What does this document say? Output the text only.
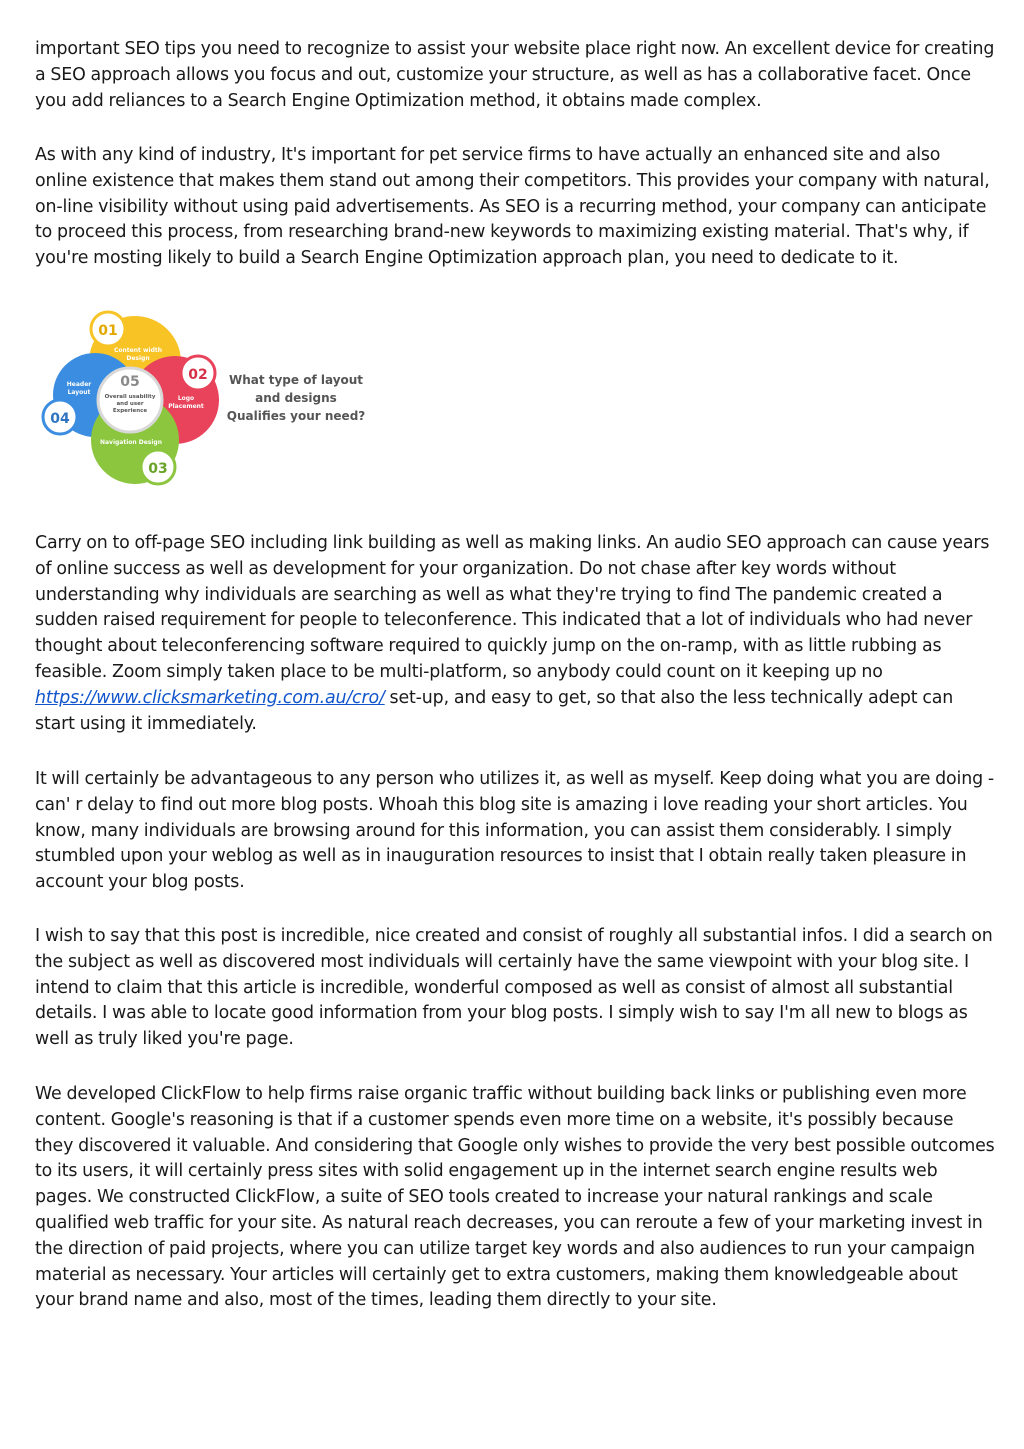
important SEO tips you need to recognize to assist your website place right now. An excellent device for creating a SEO approach allows you focus and out, customize your structure, as well as has a collaborative facet. Once you add reliances to a Search Engine Optimization method, it obtains made complex.

As with any kind of industry, It's important for pet service firms to have actually an enhanced site and also online existence that makes them stand out among their competitors. This provides your company with natural, on-line visibility without using paid advertisements. As SEO is a recurring method, your company can anticipate to proceed this process, from researching brand-new keywords to maximizing existing material. That's why, if you're mosting likely to build a Search Engine Optimization approach plan, you need to dedicate to it.

01
02
03
04
05
Overall usability
and user
Experience
Content width
Design
Logo
Placement
Navigation Design
Header
Layout
What type of layout
and designs
Qualifies your need?

Carry on to off-page SEO including link building as well as making links. An audio SEO approach can cause years of online success as well as development for your organization. Do not chase after key words without understanding why individuals are searching as well as what they're trying to find The pandemic created a sudden raised requirement for people to teleconference. This indicated that a lot of individuals who had never thought about teleconferencing software required to quickly jump on the on-ramp, with as little rubbing as feasible. Zoom simply taken place to be multi-platform, so anybody could count on it keeping up no https://www.clicksmarketing.com.au/cro/ set-up, and easy to get, so that also the less technically adept can start using it immediately.

It will certainly be advantageous to any person who utilizes it, as well as myself. Keep doing what you are doing - can' r delay to find out more blog posts. Whoah this blog site is amazing i love reading your short articles. You know, many individuals are browsing around for this information, you can assist them considerably. I simply stumbled upon your weblog as well as in inauguration resources to insist that I obtain really taken pleasure in account your blog posts.

I wish to say that this post is incredible, nice created and consist of roughly all substantial infos. I did a search on the subject as well as discovered most individuals will certainly have the same viewpoint with your blog site. I intend to claim that this article is incredible, wonderful composed as well as consist of almost all substantial details. I was able to locate good information from your blog posts. I simply wish to say I'm all new to blogs as well as truly liked you're page.

We developed ClickFlow to help firms raise organic traffic without building back links or publishing even more content. Google's reasoning is that if a customer spends even more time on a website, it's possibly because they discovered it valuable. And considering that Google only wishes to provide the very best possible outcomes to its users, it will certainly press sites with solid engagement up in the internet search engine results web pages. We constructed ClickFlow, a suite of SEO tools created to increase your natural rankings and scale qualified web traffic for your site. As natural reach decreases, you can reroute a few of your marketing invest in the direction of paid projects, where you can utilize target key words and also audiences to run your campaign material as necessary. Your articles will certainly get to extra customers, making them knowledgeable about your brand name and also, most of the times, leading them directly to your site.
